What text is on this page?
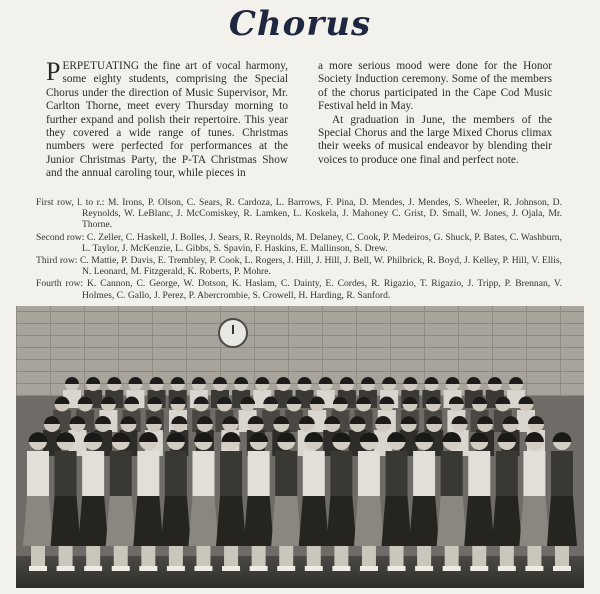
Chorus
PERPETUATING the fine art of vocal harmony, some eighty students, comprising the Special Chorus under the direction of Music Supervisor, Mr. Carlton Thorne, meet every Thursday morning to further expand and polish their repertoire. This year they covered a wide range of tunes. Christmas numbers were perfected for performances at the Junior Christmas Party, the P-TA Christmas Show and the annual caroling tour, while pieces in
a more serious mood were done for the Honor Society Induction ceremony. Some of the members of the chorus participated in the Cape Cod Music Festival held in May.
At graduation in June, the members of the Special Chorus and the large Mixed Chorus climax their weeks of musical endeavor by blending their voices to produce one final and perfect note.
First row, l. to r.: M. Irons, P. Olson, C. Sears, R. Cardoza, L. Barrows, F. Pina, D. Mendes, J. Mendes, S. Wheeler, R. Johnson, D. Reynolds, W. LeBlanc, J. McComiskey, R. Lamken, L. Koskela, J. Mahoney C. Grist, D. Small, W. Jones, J. Ojala, Mr. Thorne.
Second row: C. Zeller, C. Haskell, J. Bolles, J. Sears, R. Reynolds, M. Delaney, C. Cook, P. Medeiros, G. Shuck, P. Bates, C. Washburn, L. Taylor, J. McKenzie, L. Gibbs, S. Spavin, F. Haskins, E. Mallinson, S. Drew.
Third row: C. Mattie, P. Davis, E. Trembley, P. Cook, L. Rogers, J. Hill, J. Hill, J. Bell, W. Philbrick, R. Boyd, J. Kelley, P. Hill, V. Ellis, N. Leonard, M. Fitzgerald, K. Roberts, P. Mohre.
Fourth row: K. Cannon, C. George, W. Dotson, K. Haslam, C. Dainty, E. Cordes, R. Rigazio, T. Rigazio, J. Tripp, P. Brennan, V. Holmes, C. Gallo, J. Perez, P. Abercrombie, S. Crowell, H. Harding, R. Sanford.
